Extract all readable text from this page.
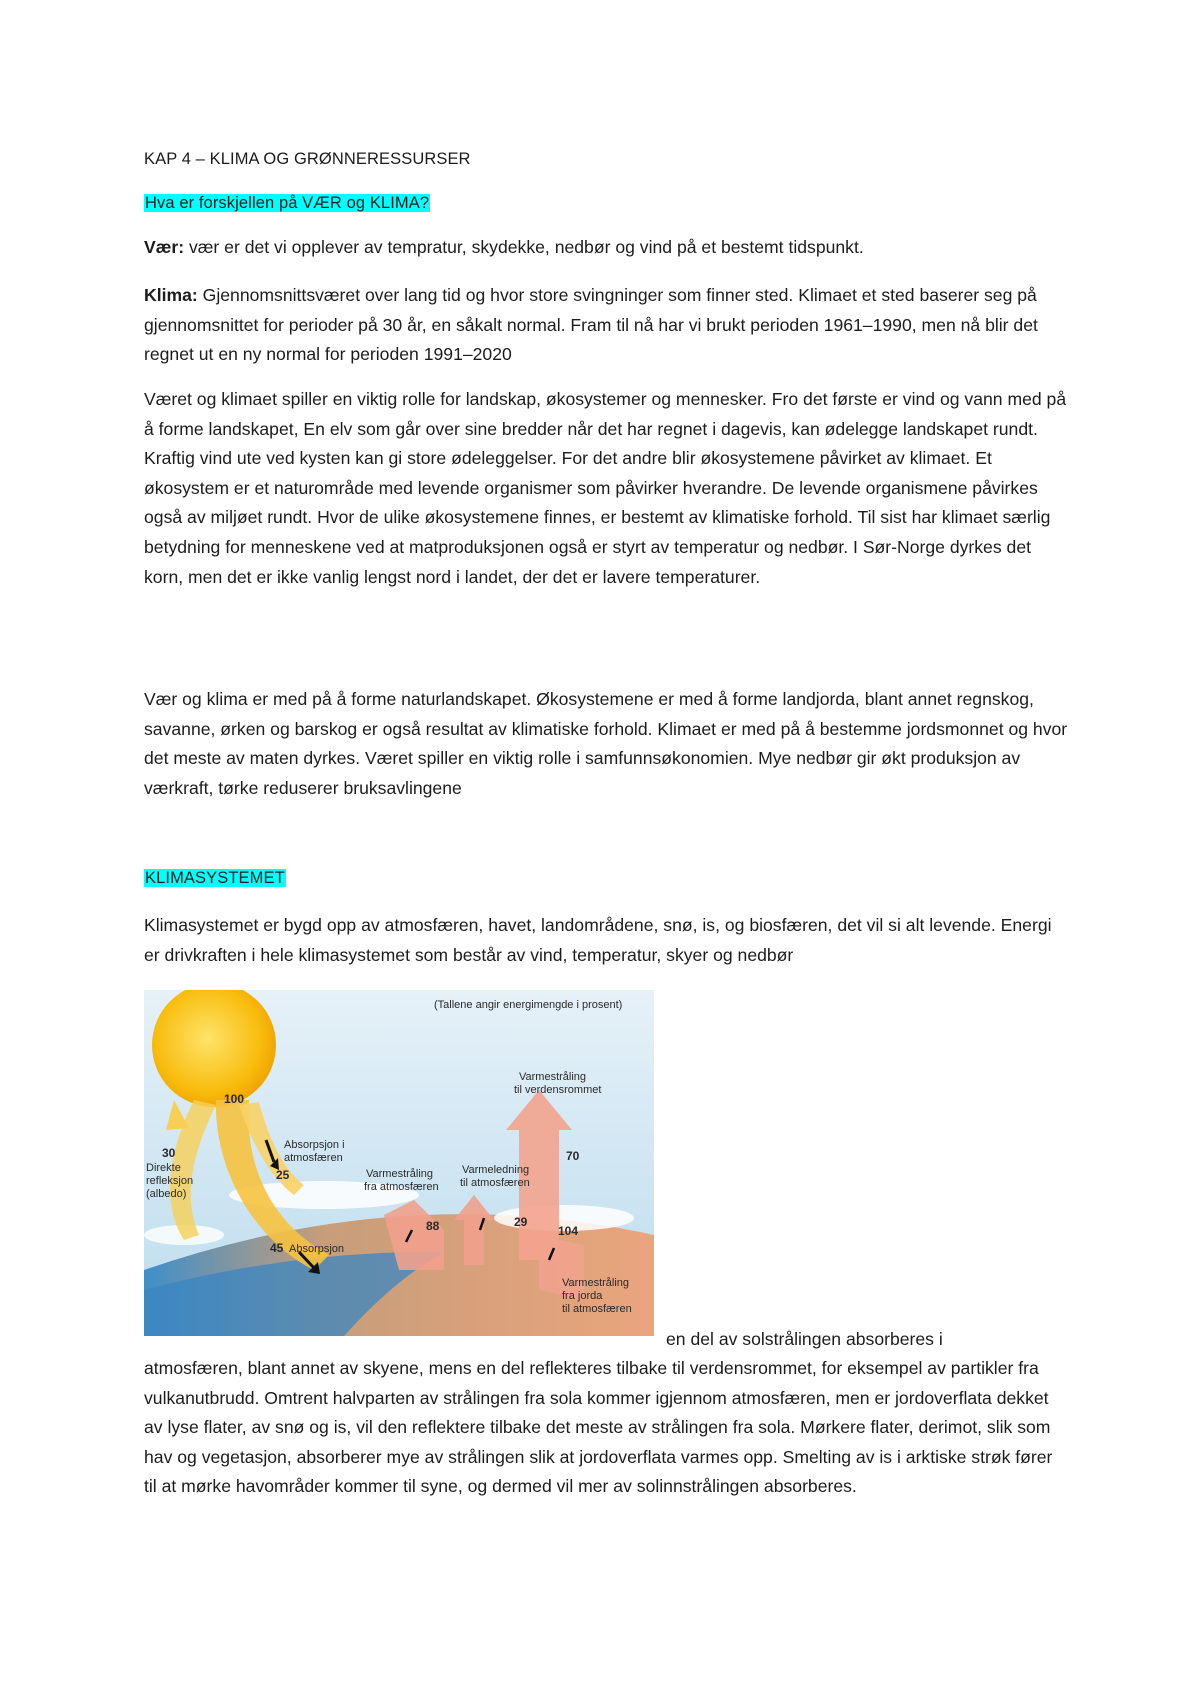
KAP 4 – KLIMA OG GRØNNERESSURSER

Hva er forskjellen på VÆR og KLIMA?

Vær: vær er det vi opplever av tempratur, skydekke, nedbør og vind på et bestemt tidspunkt.

Klima: Gjennomsnittsværet over lang tid og hvor store svingninger som finner sted. Klimaet et sted baserer seg på gjennomsnittet for perioder på 30 år, en såkalt normal. Fram til nå har vi brukt perioden 1961–1990, men nå blir det regnet ut en ny normal for perioden 1991–2020

Været og klimaet spiller en viktig rolle for landskap, økosystemer og mennesker. Fro det første er vind og vann med på å forme landskapet, En elv som går over sine bredder når det har regnet i dagevis, kan ødelegge landskapet rundt. Kraftig vind ute ved kysten kan gi store ødeleggelser. For det andre blir økosystemene påvirket av klimaet. Et økosystem er et naturområde med levende organismer som påvirker hverandre. De levende organismene påvirkes også av miljøet rundt. Hvor de ulike økosystemene finnes, er bestemt av klimatiske forhold. Til sist har klimaet særlig betydning for menneskene ved at matproduksjonen også er styrt av temperatur og nedbør. I Sør-Norge dyrkes det korn, men det er ikke vanlig lengst nord i landet, der det er lavere temperaturer.

Vær og klima er med på å forme naturlandskapet. Økosystemene er med å forme landjorda, blant annet regnskog, savanne, ørken og barskog er også resultat av klimatiske forhold. Klimaet er med på å bestemme jordsmonnet og hvor det meste av maten dyrkes. Været spiller en viktig rolle i samfunnsøkonomien. Mye nedbør gir økt produksjon av værkraft, tørke reduserer bruksavlingene

KLIMASYSTEMET

Klimasystemet er bygd opp av atmosfæren, havet, landområdene, snø, is, og biosfæren, det vil si alt levende. Energi er drivkraften i hele klimasystemet som består av vind, temperatur, skyer og nedbør

(Tallene angir energimengde i prosent)
100
30
Direkte
refleksjon
(albedo)
Absorpsjon i
atmosfæren
25
45 Absorpsjon
Varmestråling
fra atmosfæren
88
Varmeledning
til atmosfæren
29
Varmestråling
til verdensrommet
70
104
Varmestråling
fra jorda
til atmosfæren

en del av solstrålingen absorberes i

atmosfæren, blant annet av skyene, mens en del reflekteres tilbake til verdensrommet, for eksempel av partikler fra vulkanutbrudd. Omtrent halvparten av strålingen fra sola kommer igjennom atmosfæren, men er jordoverflata dekket av lyse flater, av snø og is, vil den reflektere tilbake det meste av strålingen fra sola. Mørkere flater, derimot, slik som hav og vegetasjon, absorberer mye av strålingen slik at jordoverflata varmes opp. Smelting av is i arktiske strøk fører til at mørke havområder kommer til syne, og dermed vil mer av solinnstrålingen absorberes.
